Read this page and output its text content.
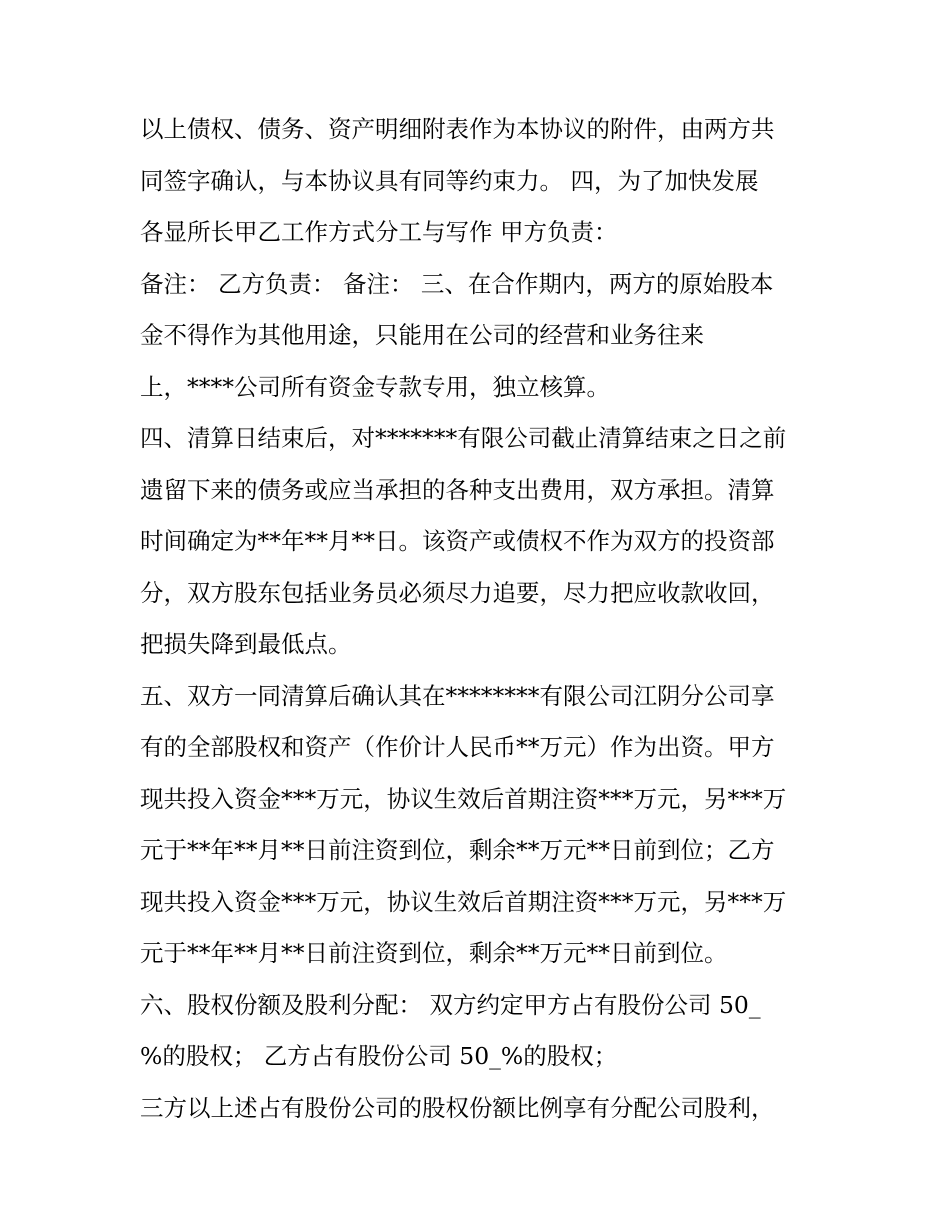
以上债权、债务、资产明细附表作为本协议的附件，由两方共
同签字确认，与本协议具有同等约束力。 四，为了加快发展
各显所长甲乙工作方式分工与写作 甲方负责：
备注： 乙方负责： 备注： 三、在合作期内，两方的原始股本
金不得作为其他用途，只能用在公司的经营和业务往来
上，****公司所有资金专款专用，独立核算。
四、清算日结束后，对*******有限公司截止清算结束之日之前
遗留下来的债务或应当承担的各种支出费用，双方承担。清算
时间确定为**年**月**日。该资产或债权不作为双方的投资部
分，双方股东包括业务员必须尽力追要，尽力把应收款收回，
把损失降到最低点。
五、双方一同清算后确认其在********有限公司江阴分公司享
有的全部股权和资产（作价计人民币**万元）作为出资。甲方
现共投入资金***万元，协议生效后首期注资***万元，另***万
元于**年**月**日前注资到位，剩余**万元**日前到位；乙方
现共投入资金***万元，协议生效后首期注资***万元，另***万
元于**年**月**日前注资到位，剩余**万元**日前到位。
六、股权份额及股利分配： 双方约定甲方占有股份公司 50_
%的股权； 乙方占有股份公司 50_%的股权；
三方以上述占有股份公司的股权份额比例享有分配公司股利，
